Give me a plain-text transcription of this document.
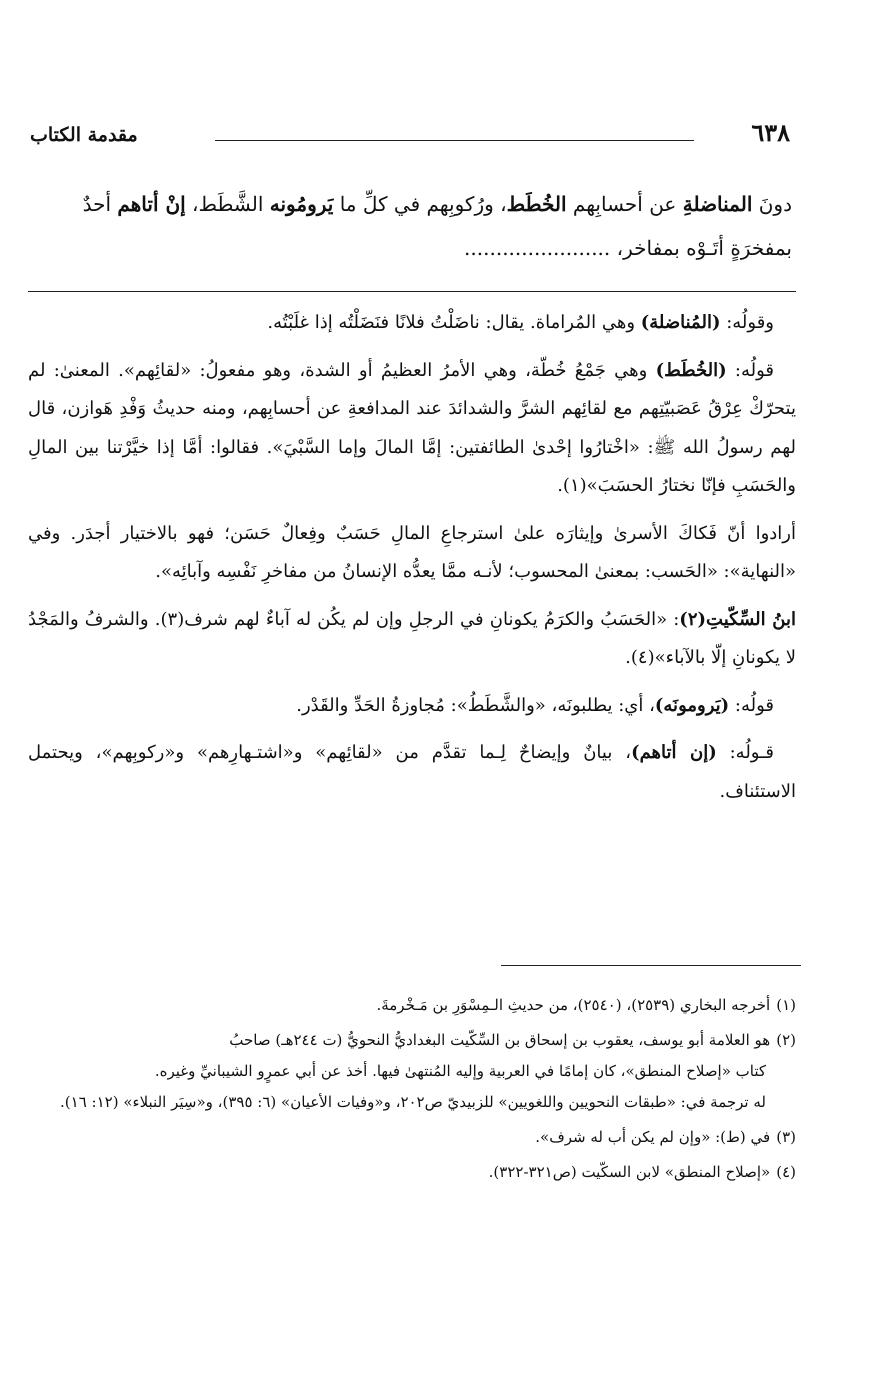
٦٣٨
مقدمة الكتاب
دونَ المناضلةِ عن أحسابِهم الخُطَط، ورُكوبِهم في كلِّ ما يَرومُونه الشَّطَط، إنْ أتاهم أحدٌ
بمفخرَةٍ أتَـوْه بمفاخر، .......................

وقولُه: (المُناضلة) وهي المُراماة. يقال: ناضَلْتُ فلانًا فنَضَلْتُه إذا غلَبْتُه.

قولُه: (الخُطَط) وهي جَمْعُ خُطّة، وهي الأمرُ العظيمُ أو الشدة، وهو مفعولُ: «لقائِهم». المعنىٰ: لم يتحرّكْ عِرْقُ عَصَبيّتِهم مع لقائِهم الشرَّ والشدائدَ عند المدافعةِ عن أحسابِهم، ومنه حديثُ وَفْدِ هَوازن، قال لهم رسولُ الله ﷺ: «اخْتارُوا إحْدىٰ الطائفتين: إمَّا المالَ وإما السَّبْيَ». فقالوا: أمَّا إذا خيَّرْتنا بين المالِ والحَسَبِ فإنّا نختارُ الحسَبَ»(١).

أرادوا أنّ فَكاكَ الأسرىٰ وإيثارَه علىٰ استرجاعِ المالِ حَسَبٌ وفِعالٌ حَسَن؛ فهو بالاختيار أجدَر. وفي «النهاية»: «الحَسب: بمعنىٰ المحسوب؛ لأنـه ممَّا يعدُّه الإنسانُ من مفاخرِ نَفْسِه وآبائِه».

ابنُ السِّكّيتِ(٢): «الحَسَبُ والكرَمُ يكونانِ في الرجلِ وإن لم يكُن له آباءٌ لهم شرف(٣). والشرفُ والمَجْدُ لا يكونانِ إلّا بالآباء»(٤).

قولُه: (يَرومونَه)، أي: يطلبونَه، «والشَّطَطُ»: مُجاوزةُ الحَدِّ والقَدْر.

قـولُه: (إن أتاهم)، بيانٌ وإيضاحٌ لِـما تقدَّم من «لقائِهم» و«اشتـهارِهم» و«ركوبِهم»، ويحتمل الاستئناف.

(١)أخرجه البخاري (٢٥٣٩)، (٢٥٤٠)، من حديثِ الـمِسْوَرِ بن مَـخْرمةَ.

(٢)هو العلامة أبو يوسف، يعقوب بن إسحاق بن السِّكّيت البغداديُّ النحويُّ (ت ٢٤٤هـ) صاحبُ
كتاب «إصلاح المنطق»، كان إمامًا في العربية وإليه المُنتهىٰ فيها. أخذ عن أبي عمرٍو الشيبانيِّ وغيره.
له ترجمة في: «طبقات النحويين واللغويين» للزبيديّ ص٢٠٢، و«وفيات الأعيان» (٦: ٣٩٥)، و«سِيَر النبلاء» (١٢: ١٦).

(٣)في (ط): «وإن لم يكن أب له شرف».

(٤)«إصلاح المنطق» لابن السكّيت (ص٣٢١-٣٢٢).
